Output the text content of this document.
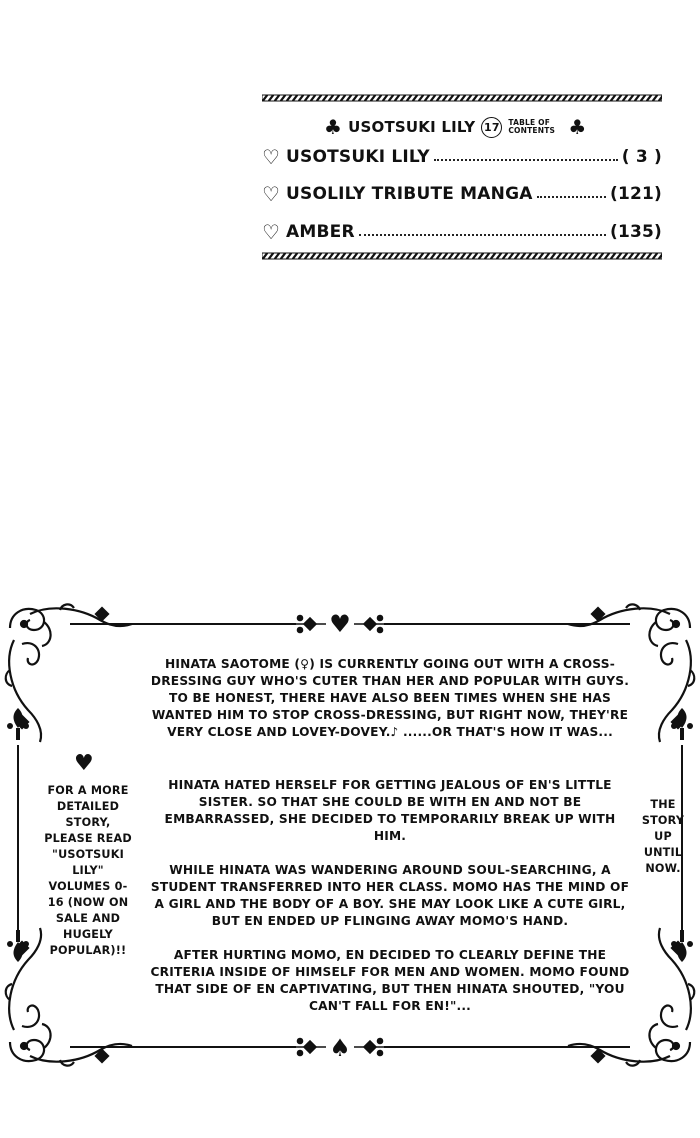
♣ USOTSUKI LILY 17	TABLE OF
CONTENTS ♣
♡ USOTSUKI LILY	( 3 )
♡ USOLILY TRIBUTE MANGA	(121)
♡ AMBER	(135)
♥
♠
HINATA SAOTOME (♀) IS CURRENTLY GOING OUT WITH A CROSS-DRESSING GUY WHO'S CUTER THAN HER AND POPULAR WITH GUYS. TO BE HONEST, THERE HAVE ALSO BEEN TIMES WHEN SHE HAS WANTED HIM TO STOP CROSS-DRESSING, BUT RIGHT NOW, THEY'RE VERY CLOSE AND LOVEY-DOVEY.♪ ......OR THAT'S HOW IT WAS...
HINATA HATED HERSELF FOR GETTING JEALOUS OF EN'S LITTLE SISTER. SO THAT SHE COULD BE WITH EN AND NOT BE EMBARRASSED, SHE DECIDED TO TEMPORARILY BREAK UP WITH HIM.
WHILE HINATA WAS WANDERING AROUND SOUL-SEARCHING, A STUDENT TRANSFERRED INTO HER CLASS. MOMO HAS THE MIND OF A GIRL AND THE BODY OF A BOY. SHE MAY LOOK LIKE A CUTE GIRL, BUT EN ENDED UP FLINGING AWAY MOMO'S HAND.
AFTER HURTING MOMO, EN DECIDED TO CLEARLY DEFINE THE CRITERIA INSIDE OF HIMSELF FOR MEN AND WOMEN. MOMO FOUND THAT SIDE OF EN CAPTIVATING, BUT THEN HINATA SHOUTED, "YOU CAN'T FALL FOR EN!"...
♥
FOR A MORE DETAILED STORY, PLEASE READ "USOTSUKI LILY" VOLUMES 0-16 (NOW ON SALE AND HUGELY POPULAR)!!
THE STORY UP UNTIL NOW.
